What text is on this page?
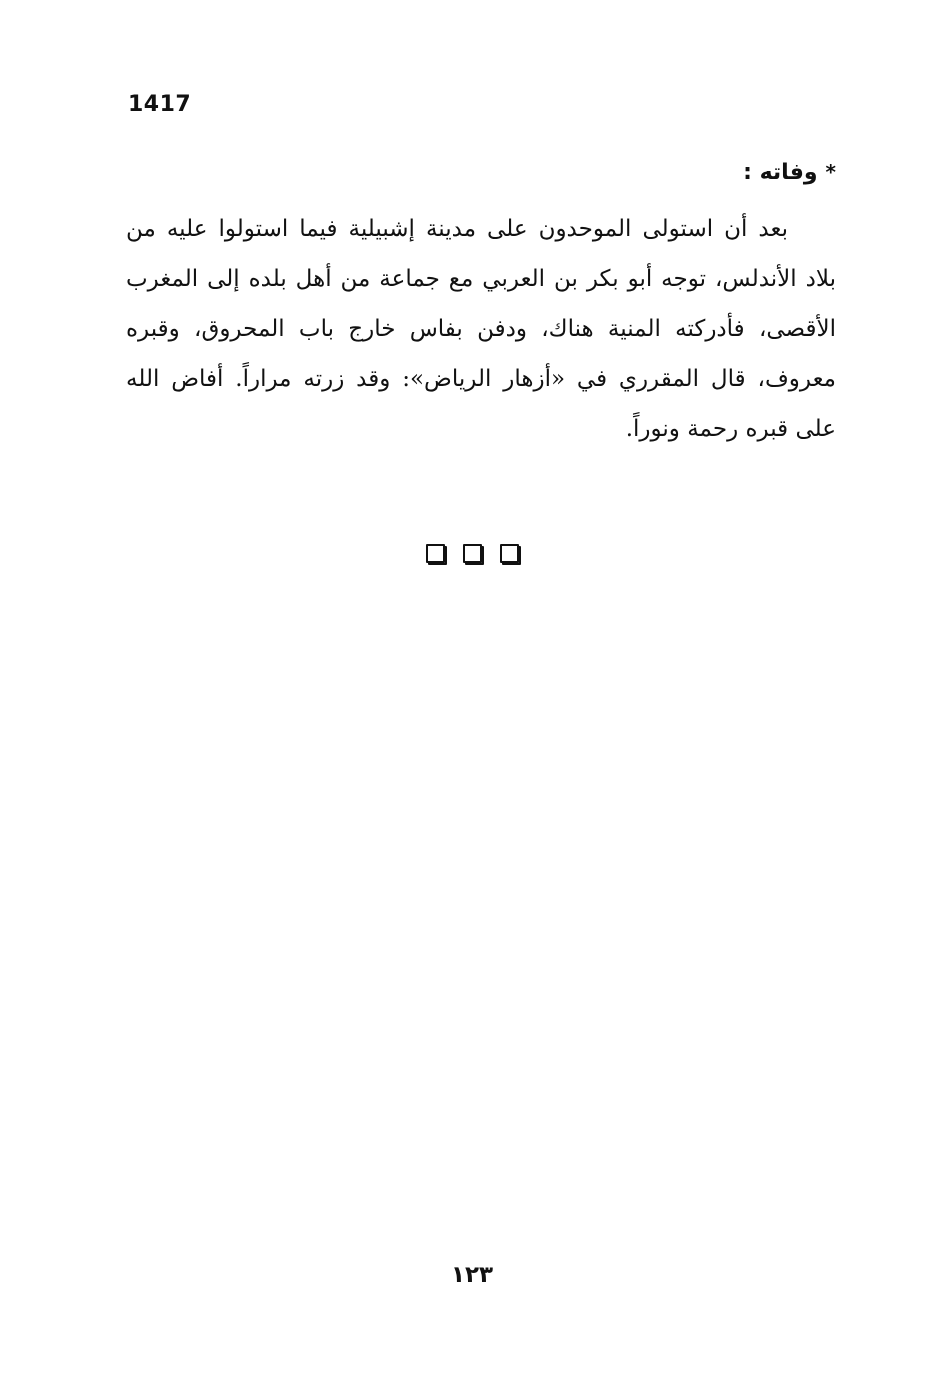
1417
*وفاته :

بعد أن استولى الموحدون على مدينة إشبيلية فيما استولوا عليه من بلاد الأندلس، توجه أبو بكر بن العربي مع جماعة من أهل بلده إلى المغرب الأقصى، فأدركته المنية هناك، ودفن بفاس خارج باب المحروق، وقبره معروف، قال المقرري في «أزهار الرياض»: وقد زرته مراراً. أفاض الله على قبره رحمة ونوراً.

١٢٣
